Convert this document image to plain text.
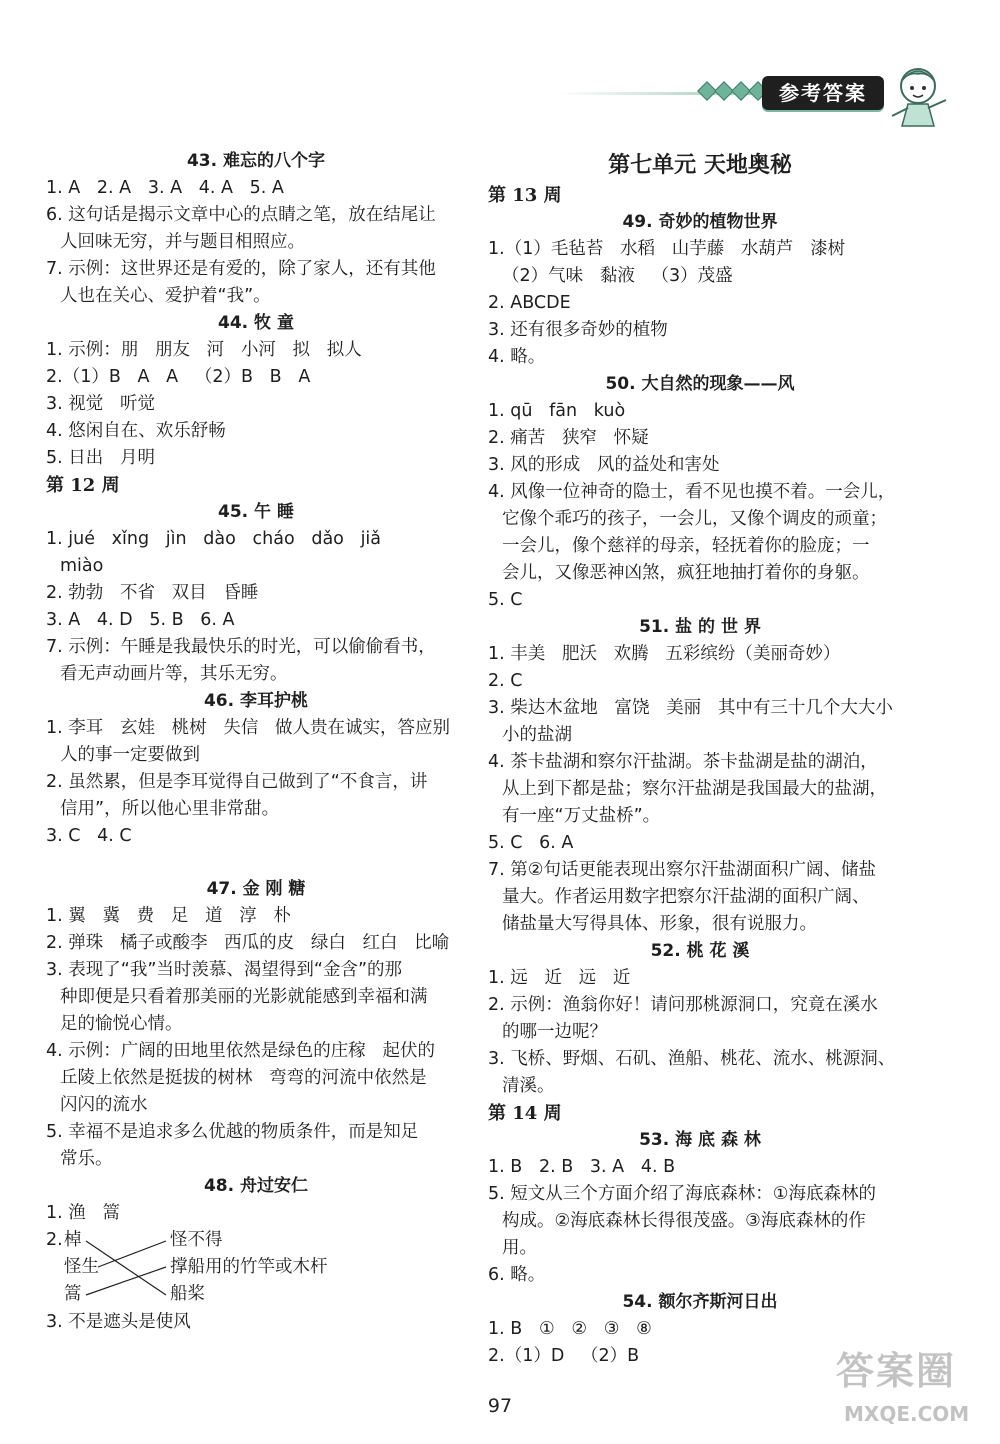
参考答案
43. 难忘的八个字
1. A   2. A   3. A   4. A   5. A
6. 这句话是揭示文章中心的点睛之笔，放在结尾让
人回味无穷，并与题目相照应。
7. 示例：这世界还是有爱的，除了家人，还有其他
人也在关心、爱护着“我”。
44. 牧 童
1. 示例：朋   朋友   河   小河   拟   拟人
2.（1）B   A   A   （2）B   B   A
3. 视觉   听觉
4. 悠闲自在、欢乐舒畅
5. 日出   月明
第 12 周
45. 午 睡
1. jué   xǐng   jìn   dào   cháo   dǎo   jiǎ
miào
2. 勃勃   不省   双目   昏睡
3. A   4. D   5. B   6. A
7. 示例：午睡是我最快乐的时光，可以偷偷看书，
看无声动画片等，其乐无穷。
46. 李耳护桃
1. 李耳   玄娃   桃树   失信   做人贵在诚实，答应别
人的事一定要做到
2. 虽然累，但是李耳觉得自己做到了“不食言，讲
信用”，所以他心里非常甜。
3. C   4. C
47. 金 刚 糖
1. 翼   冀   费   足   道   淳   朴
2. 弹珠   橘子或酸李   西瓜的皮   绿白   红白   比喻
3. 表现了“我”当时羡慕、渴望得到“金含”的那
种即便是只看着那美丽的光影就能感到幸福和满
足的愉悦心情。
4. 示例：广阔的田地里依然是绿色的庄稼   起伏的
丘陵上依然是挺拔的树林   弯弯的河流中依然是
闪闪的流水
5. 幸福不是追求多么优越的物质条件，而是知足
常乐。
48. 舟过安仁
1. 渔   篙
2. 棹
怪生
篙
怪不得
撑船用的竹竿或木杆
船桨
3. 不是遮头是使风
第七单元 天地奥秘
第 13 周
49. 奇妙的植物世界
1.（1）毛毡苔   水稻   山芋藤   水葫芦   漆树
（2）气味   黏液   （3）茂盛
2. ABCDE
3. 还有很多奇妙的植物
4. 略。
50. 大自然的现象——风
1. qū   fān   kuò
2. 痛苦   狭窄   怀疑
3. 风的形成   风的益处和害处
4. 风像一位神奇的隐士，看不见也摸不着。一会儿，
它像个乖巧的孩子，一会儿，又像个调皮的顽童；
一会儿，像个慈祥的母亲，轻抚着你的脸庞；一
会儿，又像恶神凶煞，疯狂地抽打着你的身躯。
5. C
51. 盐 的 世 界
1. 丰美   肥沃   欢腾   五彩缤纷（美丽奇妙）
2. C
3. 柴达木盆地   富饶   美丽   其中有三十几个大大小
小的盐湖
4. 茶卡盐湖和察尔汗盐湖。茶卡盐湖是盐的湖泊，
从上到下都是盐；察尔汗盐湖是我国最大的盐湖，
有一座“万丈盐桥”。
5. C   6. A
7. 第②句话更能表现出察尔汗盐湖面积广阔、储盐
量大。作者运用数字把察尔汗盐湖的面积广阔、
储盐量大写得具体、形象，很有说服力。
52. 桃 花 溪
1. 远   近   远   近
2. 示例：渔翁你好！请问那桃源洞口，究竟在溪水
的哪一边呢？
3. 飞桥、野烟、石矶、渔船、桃花、流水、桃源洞、
清溪。
第 14 周
53. 海 底 森 林
1. B   2. B   3. A   4. B
5. 短文从三个方面介绍了海底森林：①海底森林的
构成。②海底森林长得很茂盛。③海底森林的作
用。
6. 略。
54. 额尔齐斯河日出
1. B   ①   ②   ③   ⑧
2.（1）D   （2）B
97
答案圈
MXQE.COM
